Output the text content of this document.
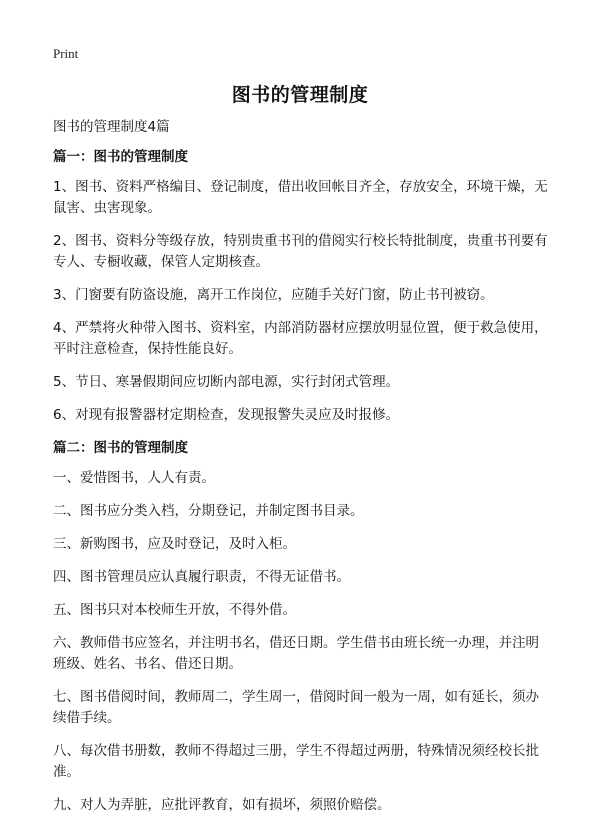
Print
图书的管理制度

图书的管理制度4篇

篇一：图书的管理制度

1、图书、资料严格编目、登记制度，借出收回帐目齐全，存放安全，环境干燥，无鼠害、虫害现象。

2、图书、资料分等级存放，特别贵重书刊的借阅实行校长特批制度，贵重书刊要有专人、专橱收藏，保管人定期核查。

3、门窗要有防盗设施，离开工作岗位，应随手关好门窗，防止书刊被窃。

4、严禁将火种带入图书、资料室，内部消防器材应摆放明显位置，便于救急使用，平时注意检查，保持性能良好。

5、节日、寒暑假期间应切断内部电源，实行封闭式管理。

6、对现有报警器材定期检查，发现报警失灵应及时报修。

篇二：图书的管理制度

一、爱惜图书，人人有责。

二、图书应分类入档，分期登记，并制定图书目录。

三、新购图书，应及时登记，及时入柜。

四、图书管理员应认真履行职责，不得无证借书。

五、图书只对本校师生开放，不得外借。

六、教师借书应签名，并注明书名，借还日期。学生借书由班长统一办理，并注明班级、姓名、书名、借还日期。

七、图书借阅时间，教师周二，学生周一，借阅时间一般为一周，如有延长，须办续借手续。

八、每次借书册数，教师不得超过三册，学生不得超过两册，特殊情况须经校长批准。

九、对人为弄脏，应批评教育，如有损坏，须照价赔偿。
